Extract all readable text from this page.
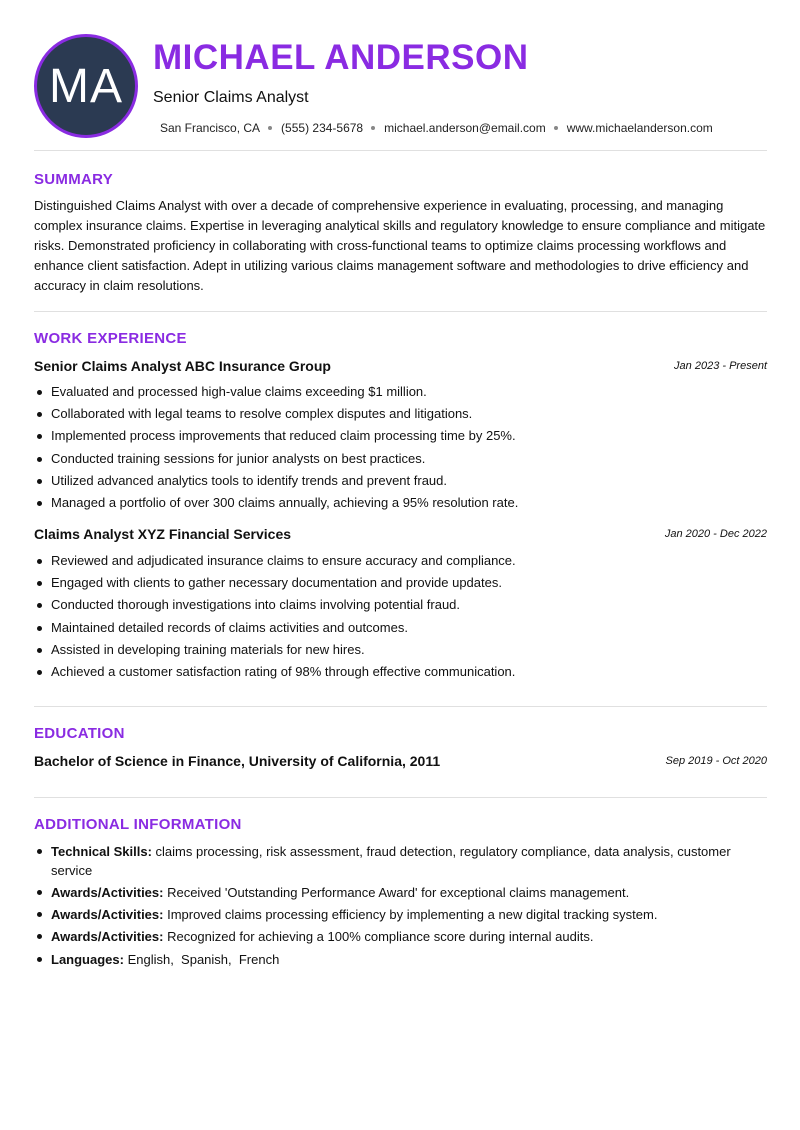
MA
MICHAEL ANDERSON
Senior Claims Analyst
San Francisco, CA (555) 234-5678 michael.anderson@email.com www.michaelanderson.com
SUMMARY
Distinguished Claims Analyst with over a decade of comprehensive experience in evaluating, processing, and managing complex insurance claims. Expertise in leveraging analytical skills and regulatory knowledge to ensure compliance and mitigate risks. Demonstrated proficiency in collaborating with cross-functional teams to optimize claims processing workflows and enhance client satisfaction. Adept in utilizing various claims management software and methodologies to drive efficiency and accuracy in claim resolutions.
WORK EXPERIENCE
Senior Claims Analyst ABC Insurance Group	Jan 2023 - Present
Evaluated and processed high-value claims exceeding $1 million.
Collaborated with legal teams to resolve complex disputes and litigations.
Implemented process improvements that reduced claim processing time by 25%.
Conducted training sessions for junior analysts on best practices.
Utilized advanced analytics tools to identify trends and prevent fraud.
Managed a portfolio of over 300 claims annually, achieving a 95% resolution rate.
Claims Analyst XYZ Financial Services	Jan 2020 - Dec 2022
Reviewed and adjudicated insurance claims to ensure accuracy and compliance.
Engaged with clients to gather necessary documentation and provide updates.
Conducted thorough investigations into claims involving potential fraud.
Maintained detailed records of claims activities and outcomes.
Assisted in developing training materials for new hires.
Achieved a customer satisfaction rating of 98% through effective communication.
EDUCATION
Bachelor of Science in Finance, University of California, 2011	Sep 2019 - Oct 2020
ADDITIONAL INFORMATION
Technical Skills: claims processing, risk assessment, fraud detection, regulatory compliance, data analysis, customer service
Awards/Activities: Received 'Outstanding Performance Award' for exceptional claims management.
Awards/Activities: Improved claims processing efficiency by implementing a new digital tracking system.
Awards/Activities: Recognized for achieving a 100% compliance score during internal audits.
Languages: English,  Spanish,  French
